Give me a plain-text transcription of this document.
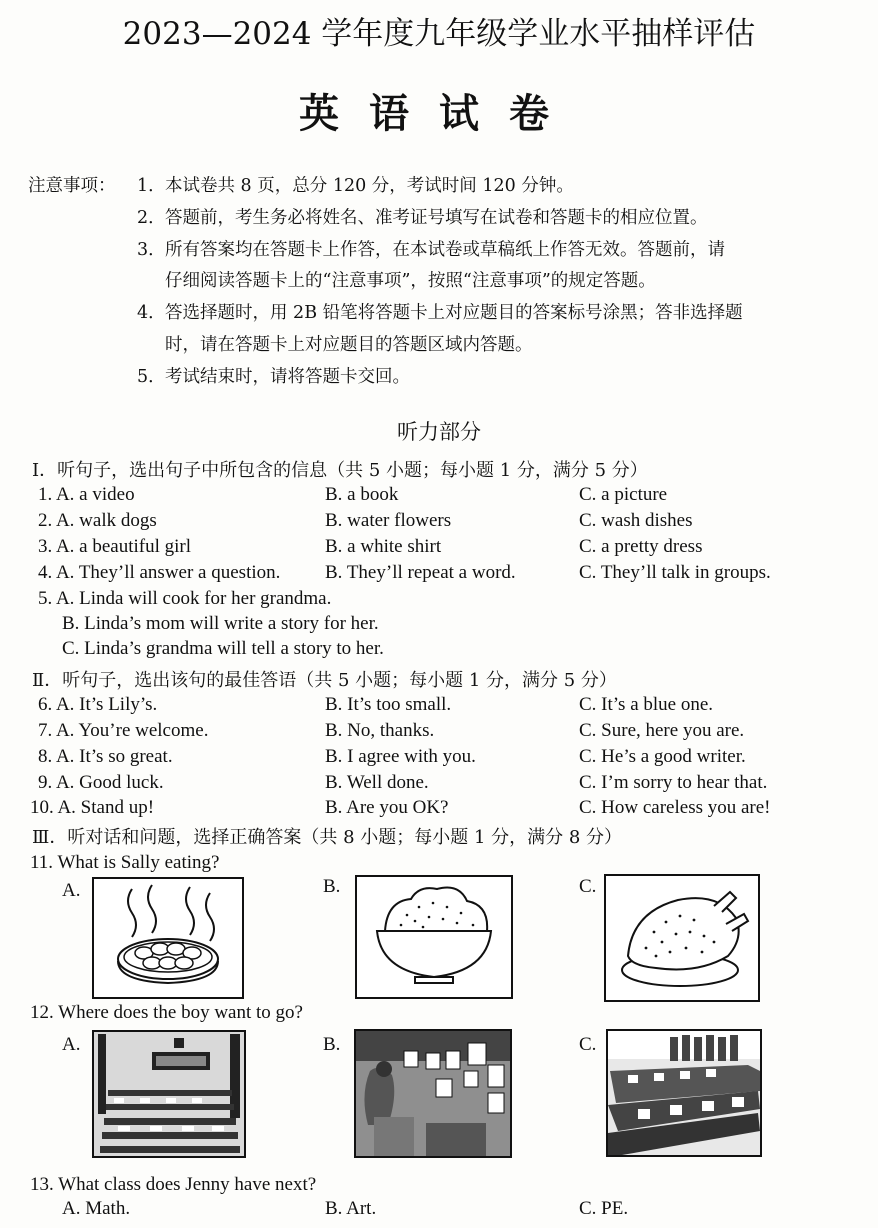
2023—2024 学年度九年级学业水平抽样评估
英语试卷
注意事项： 1． 本试卷共 8 页，总分 120 分，考试时间 120 分钟。
2． 答题前，考生务必将姓名、准考证号填写在试卷和答题卡的相应位置。
3． 所有答案均在答题卡上作答，在本试卷或草稿纸上作答无效。答题前，请
仔细阅读答题卡上的“注意事项”，按照“注意事项”的规定答题。
4． 答选择题时，用 2B 铅笔将答题卡上对应题目的答案标号涂黑；答非选择题
时，请在答题卡上对应题目的答题区域内答题。
5． 考试结束时，请将答题卡交回。
听力部分
Ⅰ．听句子，选出句子中所包含的信息（共 5 小题；每小题 1 分，满分 5 分）
1. A. a video	B. a book	C. a picture
2. A. walk dogs	B. water flowers	C. wash dishes
3. A. a beautiful girl	B. a white shirt	C. a pretty dress
4. A. They’ll answer a question. B. They’ll repeat a word.	C. They’ll talk in groups.
5. A. Linda will cook for her grandma.
B. Linda’s mom will write a story for her.
C. Linda’s grandma will tell a story to her.
Ⅱ．听句子，选出该句的最佳答语（共 5 小题；每小题 1 分，满分 5 分）
6. A. It’s Lily’s.	B. It’s too small.	C. It’s a blue one.
7. A. You’re welcome.	B. No, thanks.	C. Sure, here you are.
8. A. It’s so great.	B. I agree with you.	C. He’s a good writer.
9. A. Good luck.	B. Well done.	C. I’m sorry to hear that.
10. A. Stand up!	B. Are you OK?	C. How careless you are!
Ⅲ．听对话和问题，选择正确答案（共 8 小题；每小题 1 分，满分 8 分）
11. What is Sally eating?
A.	B.	C.
12. Where does the boy want to go?
A.	B.	C.
13. What class does Jenny have next?
A. Math.	B. Art.	C. PE.
